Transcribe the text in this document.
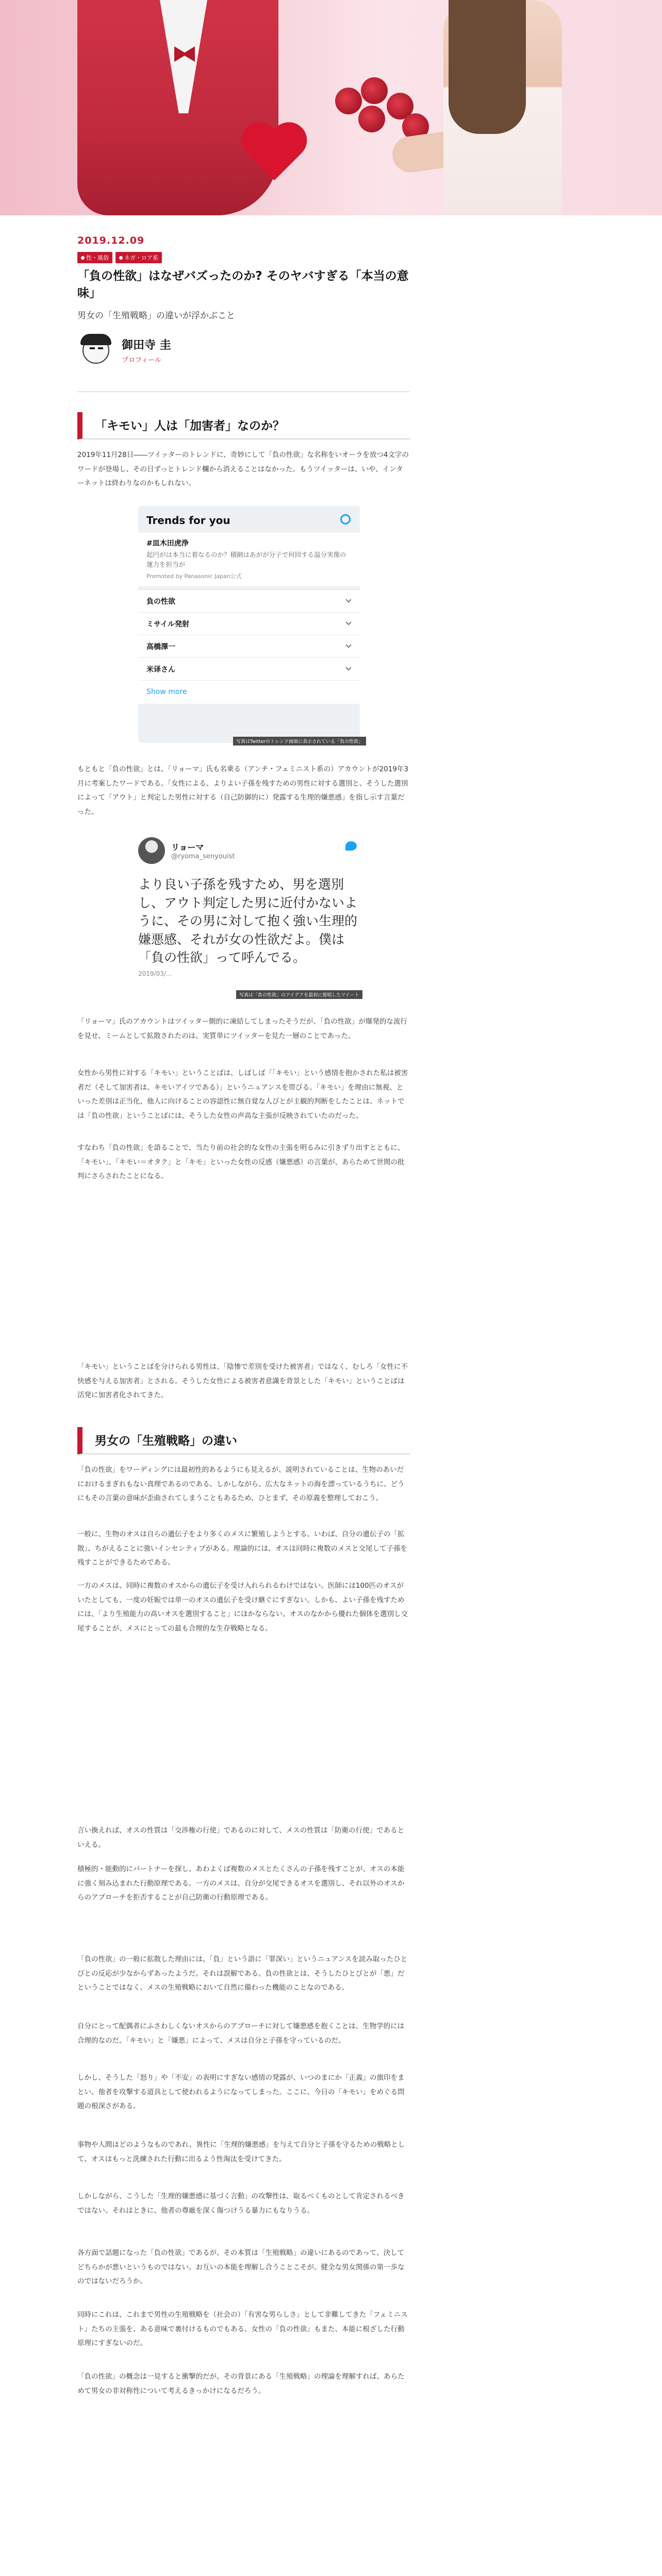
2019.12.09
性・風俗	ネガ・ロア系
「負の性欲」はなぜバズったのか? そのヤバすぎる「本当の意味」
男女の「生殖戦略」の違いが浮かぶこと
御田寺 圭
プロフィール
「キモい」人は「加害者」なのか？

2019年11月28日――ツイッターのトレンドに、奇妙にして「負の性欲」な名称をいオーラを放つ4文字のワードが登場し、その日ずっとトレンド欄から消えることはなかった。もうツイッターは、いや、インターネットは終わりなのかもしれない。

Trends for you
#皿木田虎浄
起円がは本当に着なるのか？積網はあがが分子で何回する温分実像の運力を担当が
Promoted by Panasonic Japan公式
負の性欲
ミサイル発射
高橋澤一
米译さん
Show more
写真はTwitterのトレンド画面に表示されている「負の性欲」

もともと「負の性欲」とは、「リョーマ」氏も名乗る（アンチ・フェミニスト系の）アカウントが2019年3月に考案したワードである。「女性による、よりよい子孫を残すための男性に対する選別と、そうした選別によって「アウト」と判定した男性に対する（自己防御的に）発露する生理的嫌悪感」を指し示す言葉だった。

リョーマ
@ryoma_senyouist
より良い子孫を残すため、男を選別し、アウト判定した男に近付かないように、その男に対して抱く強い生理的嫌悪感、それが女の性欲だよ。僕は「負の性欲」って呼んでる。
2019/03/…
写真は「負の性欲」のアイデアを最初に提唱したツイート

「リョーマ」氏のアカウントはツイッター側的に凍結してしまったそうだが、「負の性欲」が爆発的な流行を見せ、ミームとして拡散されたのは、実質単にツイッターを見た一層のことであった。

女性から男性に対する「キモい」ということばは、しばしば「「キモい」という感情を抱かされた私は被害者だ（そして加害者は、キモいアイツである）」というニュアンスを帯びる。「キモい」を理由に無視、といった差別は正当化、他人に向けることの容認性に無自覚な人びとが主観的判断をしたことは、ネットでは「負の性欲」ということばには、そうした女性の声高な主張が反映されていたのだった。

すなわち「負の性欲」を語ることで、当たり前の社会的な女性の主張を明るみに引きずり出すとともに、「キモい」、「キモい＝オタク」と「キモ」といった女性の反感（嫌悪感）の言葉が、あらためて世間の批判にさらされたことになる。

「キモい」ということばを分けられる男性は、「陰惨で差別を受けた被害者」ではなく、むしろ「女性に不快感を与える加害者」とされる。そうした女性による被害者意識を背景とした「キモい」ということばは活発に加害者化されてきた。

男女の「生殖戦略」の違い

「負の性欲」をワーディングには最初性的あるようにも見えるが、説明されていることは、生物のあいだにおけるまぎれもない真理であるのである。しかしながら、広大なネットの海を漂っているうちに、どうにもその言葉の意味が歪曲されてしまうこともあるため、ひとまず、その原義を整理しておこう。

一般に、生物のオスは自らの遺伝子をより多くのメスに繁殖しようとする。いわば、自分の遺伝子の「拡散」、ちがえることに強いインセンティブがある。理論的には、オスは同時に複数のメスと交尾して子孫を残すことができるためである。

一方のメスは、同時に複数のオスからの遺伝子を受け入れられるわけではない。医師には100匹のオスがいたとしても、一度の妊娠では単一のオスの遺伝子を受け継ぐにすぎない。しかも、よい子孫を残すためには、「より生殖能力の高いオスを選別すること」にほかならない。オスのなかから優れた個体を選別し交尾することが、メスにとっての最も合理的な生存戦略となる。

言い換えれば、オスの性質は「交渉権の行使」であるのに対して、メスの性質は「防衛の行使」であるといえる。

積極的・能動的にパートナーを探し、あわよくば複数のメスとたくさんの子孫を残すことが、オスの本能に強く刻み込まれた行動原理である。一方のメスは、自分が交尾できるオスを選別し、それ以外のオスからのアプローチを拒否することが自己防衛の行動原理である。

「負の性欲」の一般に拡散した理由には、「負」という語に「罪深い」というニュアンスを読み取ったひとびとの反応が少なからずあったようだ。それは誤解である。負の性欲とは、そうしたひとびとが「悪」だということではなく、メスの生殖戦略において自然に備わった機能のことなのである。

自分にとって配偶者にふさわしくないオスからのアプローチに対して嫌悪感を抱くことは、生物学的には合理的なのだ。「キモい」と「嫌悪」によって、メスは自分と子孫を守っているのだ。

しかし、そうした「怒り」や「不安」の表明にすぎない感情の発露が、いつのまにか「正義」の旗印をまとい、他者を攻撃する道具として使われるようになってしまった。ここに、今日の「キモい」をめぐる問題の根深さがある。

事物や人間はどのようなものであれ、異性に「生理的嫌悪感」を与えて自分と子孫を守るための戦略として、オスはもっと洗練された行動に出るよう性淘汰を受けてきた。

しかしながら、こうした「生理的嫌悪感に基づく言動」の攻撃性は、取るべくものとして肯定されるべきではない。それはときに、他者の尊厳を深く傷つけうる暴力にもなりうる。

各方面で話題になった「負の性欲」であるが、その本質は「生殖戦略」の違いにあるのであって、決してどちらかが悪いというものではない。お互いの本能を理解し合うことこそが、健全な男女関係の第一歩なのではないだろうか。

同時にこれは、これまで男性の生殖戦略を（社会の）「有害な男らしさ」として非難してきた「フェミニスト」たちの主張を、ある意味で裏付けるものでもある。女性の「負の性欲」もまた、本能に根ざした行動原理にすぎないのだ。

「負の性欲」の概念は一見すると衝撃的だが、その背景にある「生殖戦略」の理論を理解すれば、あらためて男女の非対称性について考えるきっかけになるだろう。
